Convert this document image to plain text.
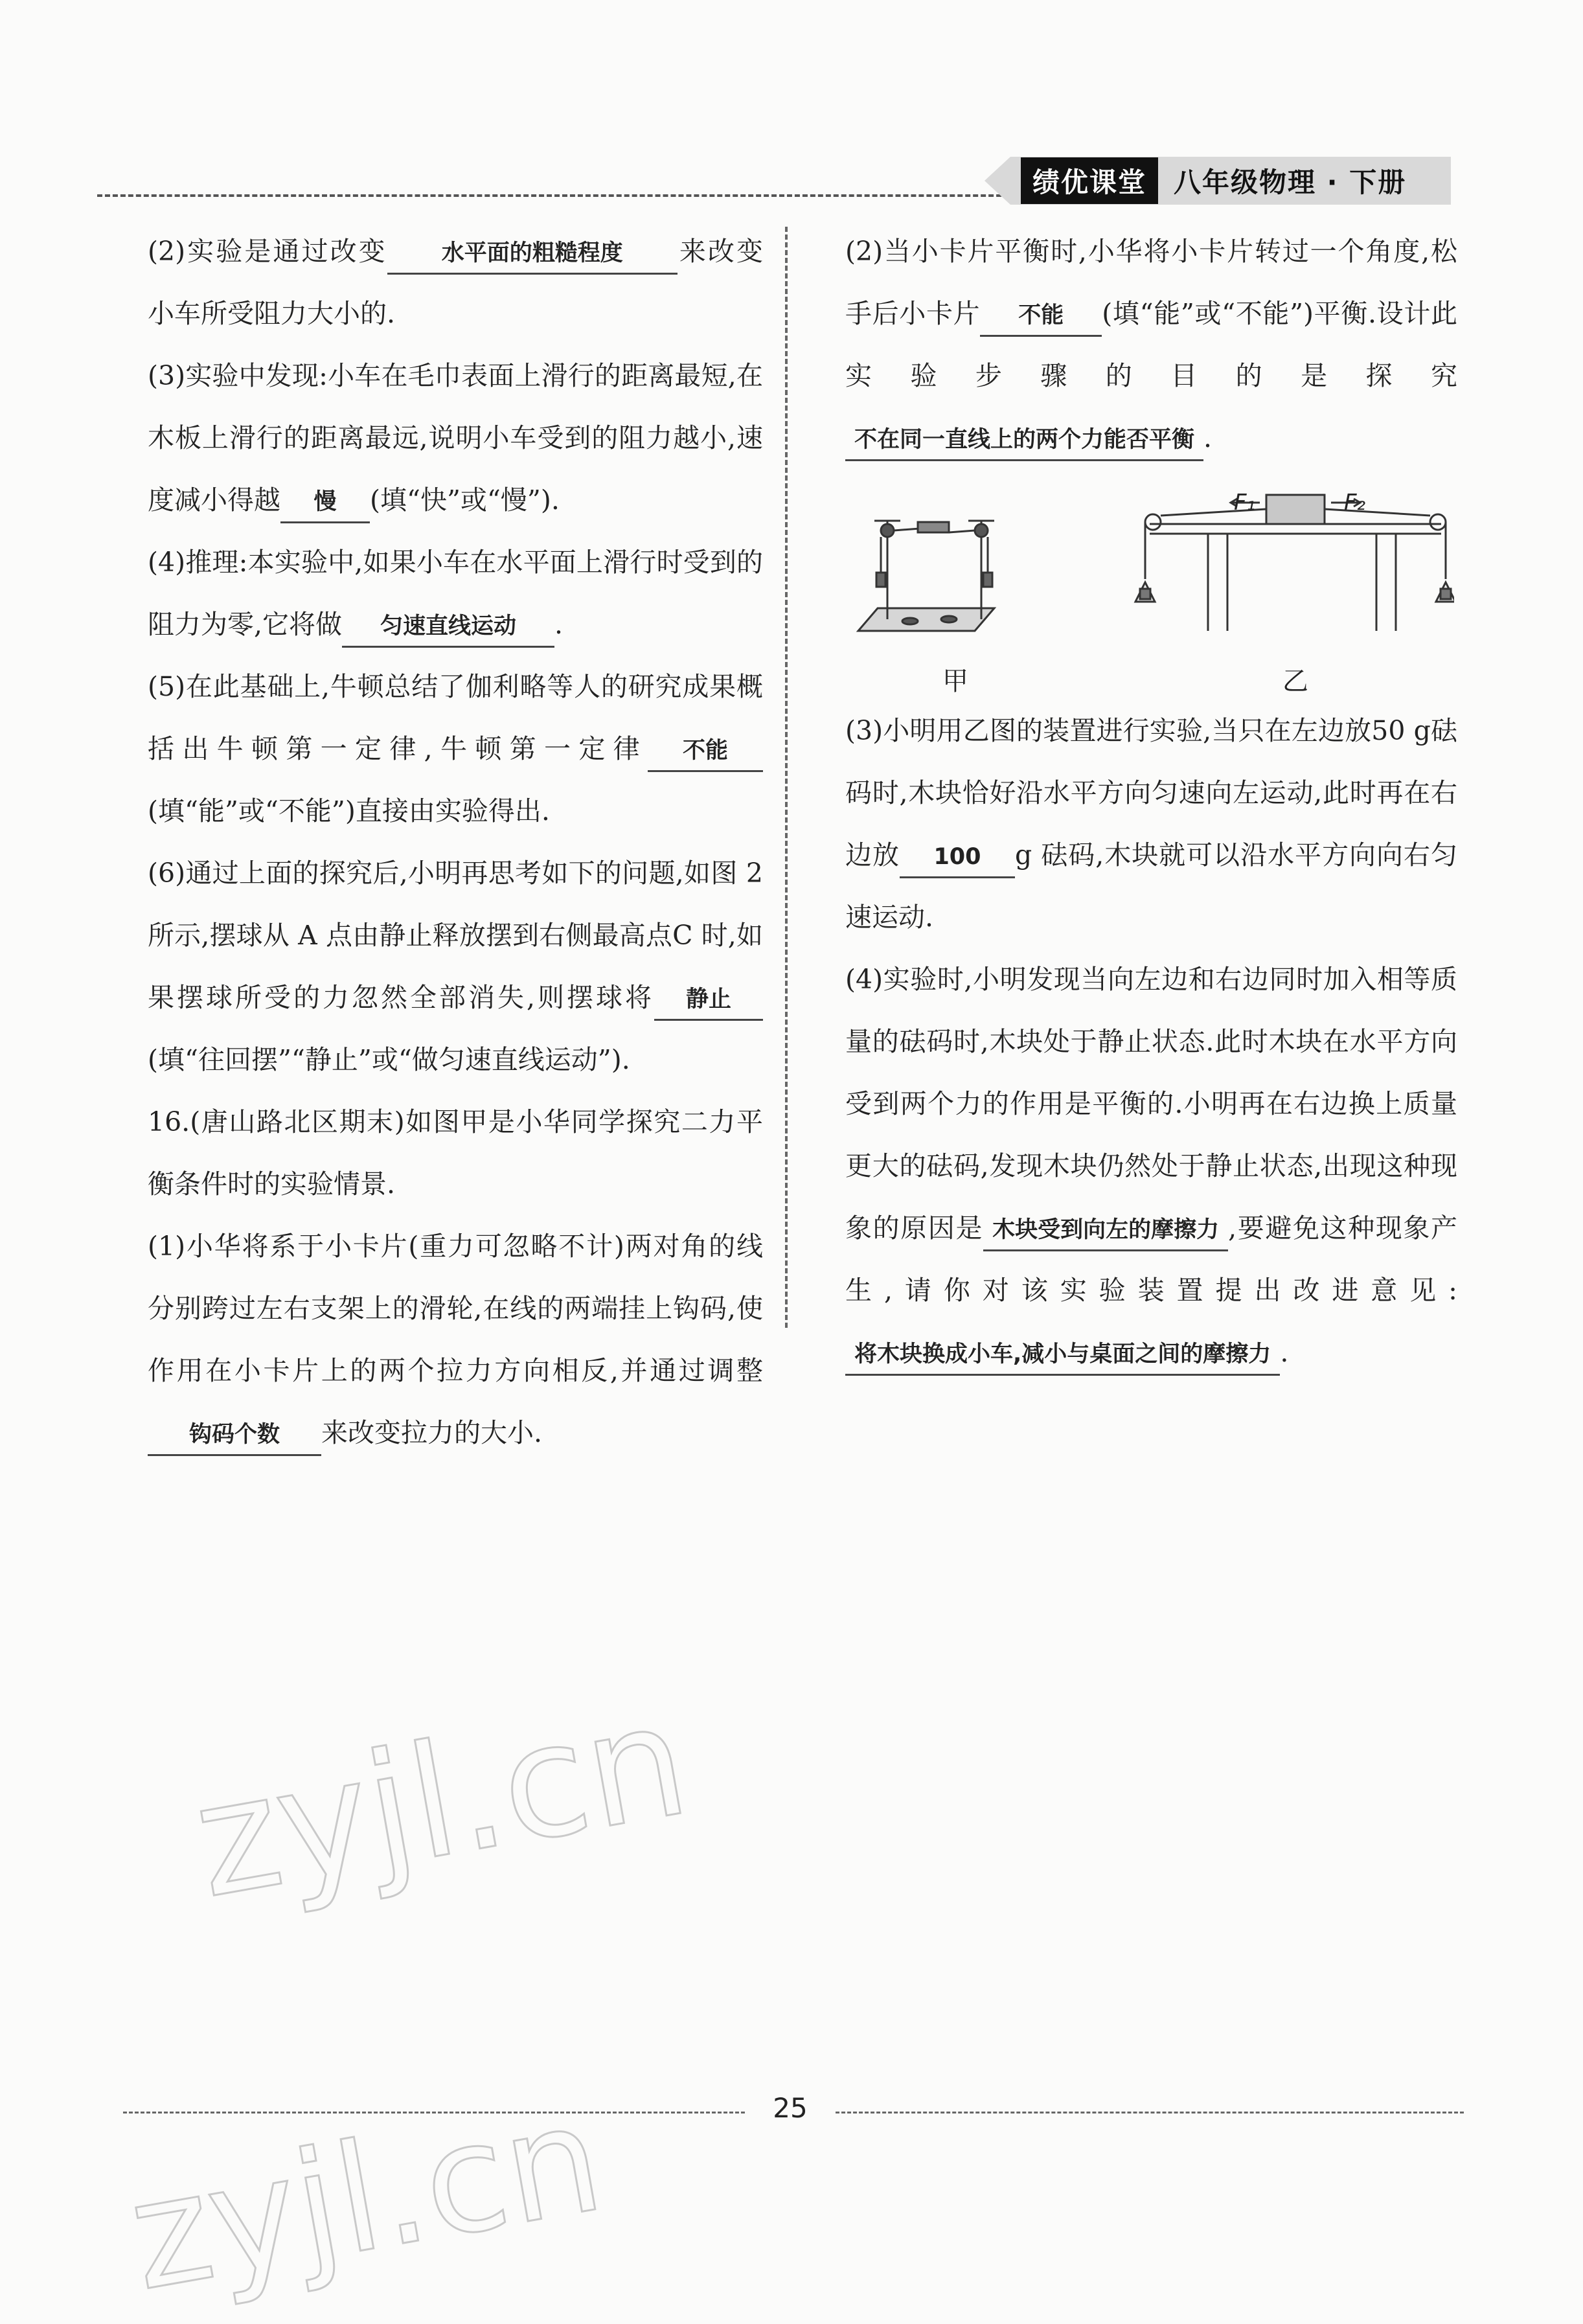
绩优课堂	八年级物理 · 下册

(2)实验是通过改变 水平面的粗糙程度 来改变小车所受阻力大小的.

(3)实验中发现:小车在毛巾表面上滑行的距离最短,在木板上滑行的距离最远,说明小车受到的阻力越小,速度减小得越 慢 (填“快”或“慢”).

(4)推理:本实验中,如果小车在水平面上滑行时受到的阻力为零,它将做 匀速直线运动 .

(5)在此基础上,牛顿总结了伽利略等人的研究成果概括出牛顿第一定律,牛顿第一定律 不能(填“能”或“不能”)直接由实验得出.

(6)通过上面的探究后,小明再思考如下的问题,如图 2 所示,摆球从 A 点由静止释放摆到右侧最高点C 时,如果摆球所受的力忽然全部消失,则摆球将 静止(填“往回摆”“静止”或“做匀速直线运动”).

16.(唐山路北区期末)如图甲是小华同学探究二力平衡条件时的实验情景.

(1)小华将系于小卡片(重力可忽略不计)两对角的线分别跨过左右支架上的滑轮,在线的两端挂上钩码,使作用在小卡片上的两个拉力方向相反,并通过调整钩码个数 来改变拉力的大小.

(2)当小卡片平衡时,小华将小卡片转过一个角度,松手后小卡片 不能 (填“能”或“不能”)平衡.设计此实验步骤的目的是探究不在同一直线上的两个力能否平衡 .

F₁	F₂
甲	乙

(3)小明用乙图的装置进行实验,当只在左边放50 g砝码时,木块恰好沿水平方向匀速向左运动,此时再在右边放 100 g 砝码,木块就可以沿水平方向向右匀速运动.

(4)实验时,小明发现当向左边和右边同时加入相等质量的砝码时,木块处于静止状态.此时木块在水平方向受到两个力的作用是平衡的.小明再在右边换上质量更大的砝码,发现木块仍然处于静止状态,出现这种现象的原因是 木块受到向左的摩擦力 ,要避免这种现象产生,请你对该实验装置提出改进意见:将木块换成小车,减小与桌面之间的摩擦力 .

zyjl.cn
zyjl.cn	25
